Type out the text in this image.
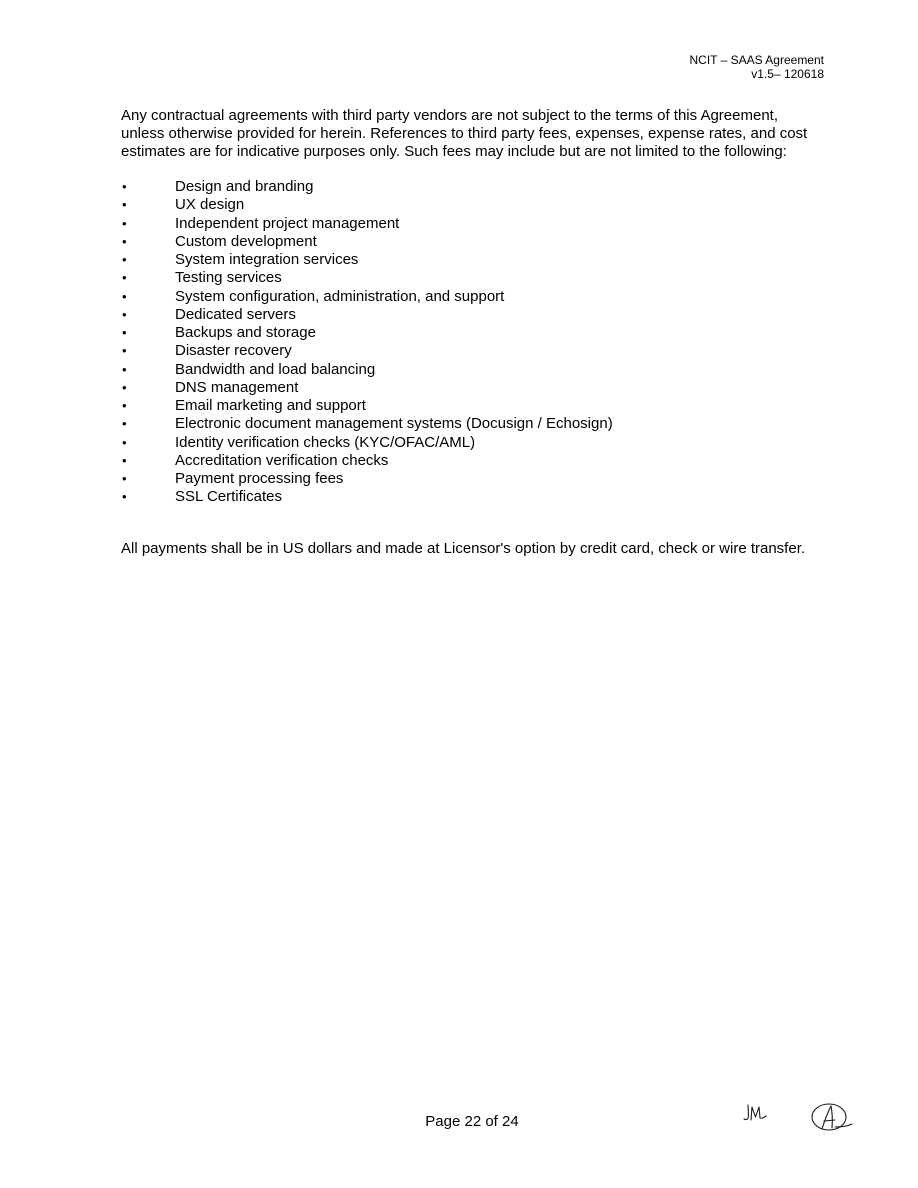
NCIT – SAAS Agreement
v1.5– 120618

Any contractual agreements with third party vendors are not subject to the terms of this Agreement, unless otherwise provided for herein. References to third party fees, expenses, expense rates, and cost estimates are for indicative purposes only. Such fees may include but are not limited to the following:

•	Design and branding
•	UX design
•	Independent project management
•	Custom development
•	System integration services
•	Testing services
•	System configuration, administration, and support
•	Dedicated servers
•	Backups and storage
•	Disaster recovery
•	Bandwidth and load balancing
•	DNS management
•	Email marketing and support
•	Electronic document management systems (Docusign / Echosign)
•	Identity verification checks (KYC/OFAC/AML)
•	Accreditation verification checks
•	Payment processing fees
•	SSL Certificates

All payments shall be in US dollars and made at Licensor's option by credit card, check or wire transfer.

Page 22 of 24
